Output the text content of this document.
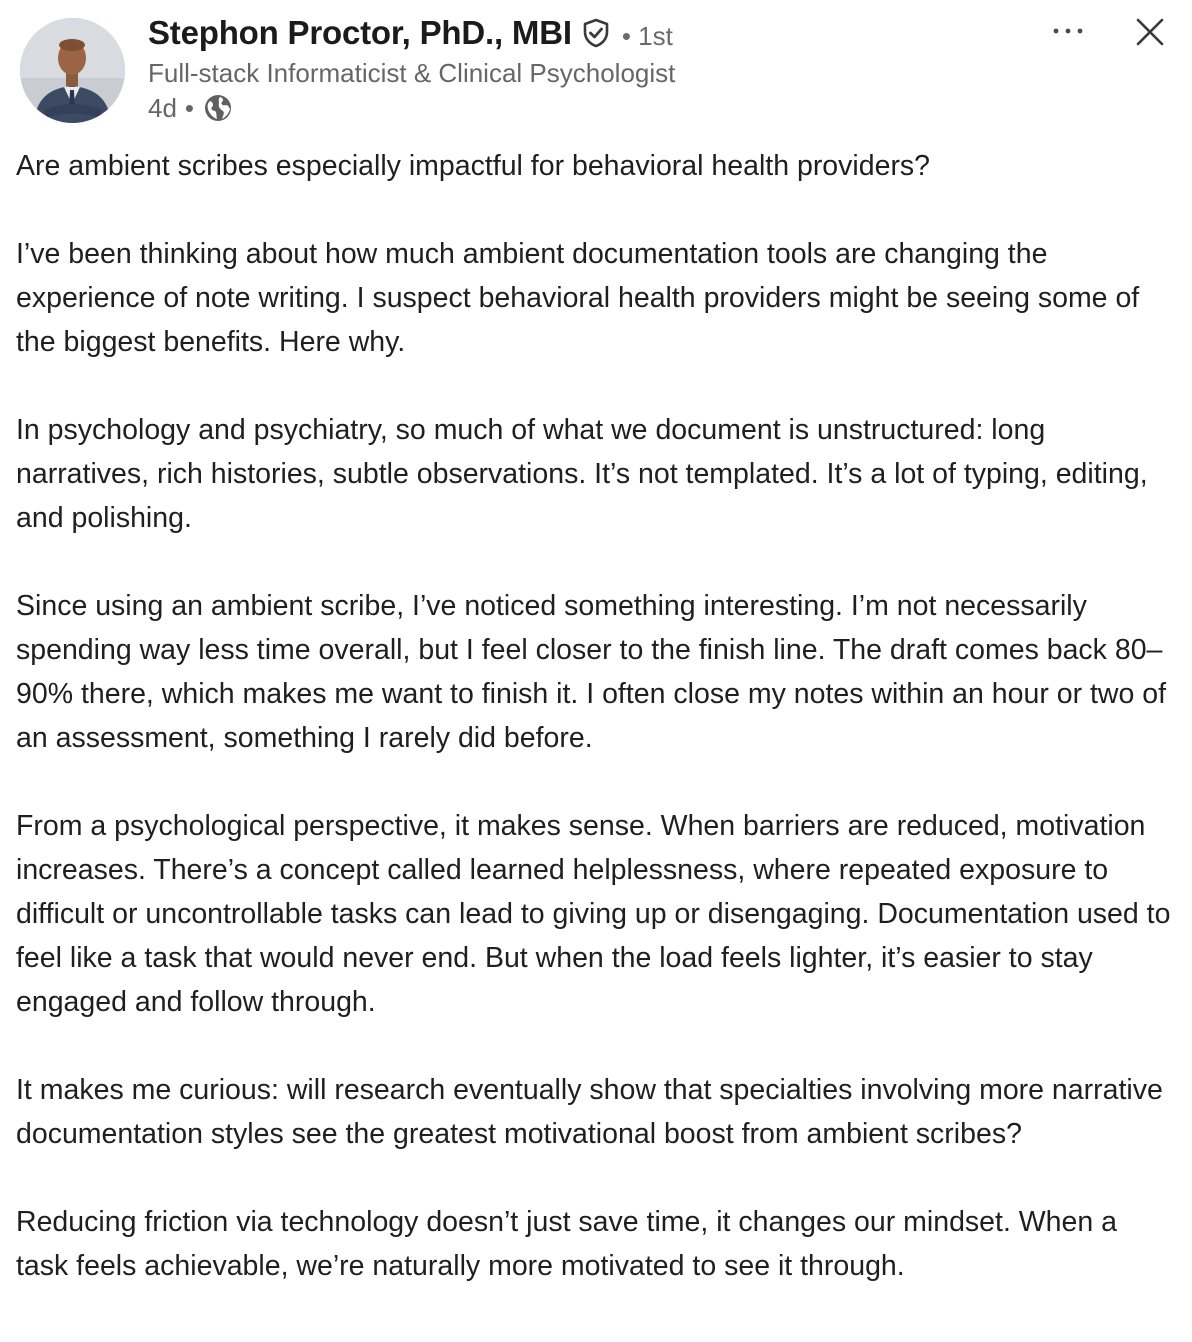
Stephon Proctor, PhD., MBI • 1st
Full-stack Informaticist & Clinical Psychologist
4d •

Are ambient scribes especially impactful for behavioral health providers?

I’ve been thinking about how much ambient documentation tools are changing the experience of note writing. I suspect behavioral health providers might be seeing some of the biggest benefits. Here why.

In psychology and psychiatry, so much of what we document is unstructured: long narratives, rich histories, subtle observations. It’s not templated. It’s a lot of typing, editing, and polishing.

Since using an ambient scribe, I’ve noticed something interesting. I’m not necessarily spending way less time overall, but I feel closer to the finish line. The draft comes back 80–90% there, which makes me want to finish it. I often close my notes within an hour or two of an assessment, something I rarely did before.

From a psychological perspective, it makes sense. When barriers are reduced, motivation increases. There’s a concept called learned helplessness, where repeated exposure to difficult or uncontrollable tasks can lead to giving up or disengaging. Documentation used to feel like a task that would never end. But when the load feels lighter, it’s easier to stay engaged and follow through.

It makes me curious: will research eventually show that specialties involving more narrative documentation styles see the greatest motivational boost from ambient scribes?

Reducing friction via technology doesn’t just save time, it changes our mindset. When a task feels achievable, we’re naturally more motivated to see it through.
